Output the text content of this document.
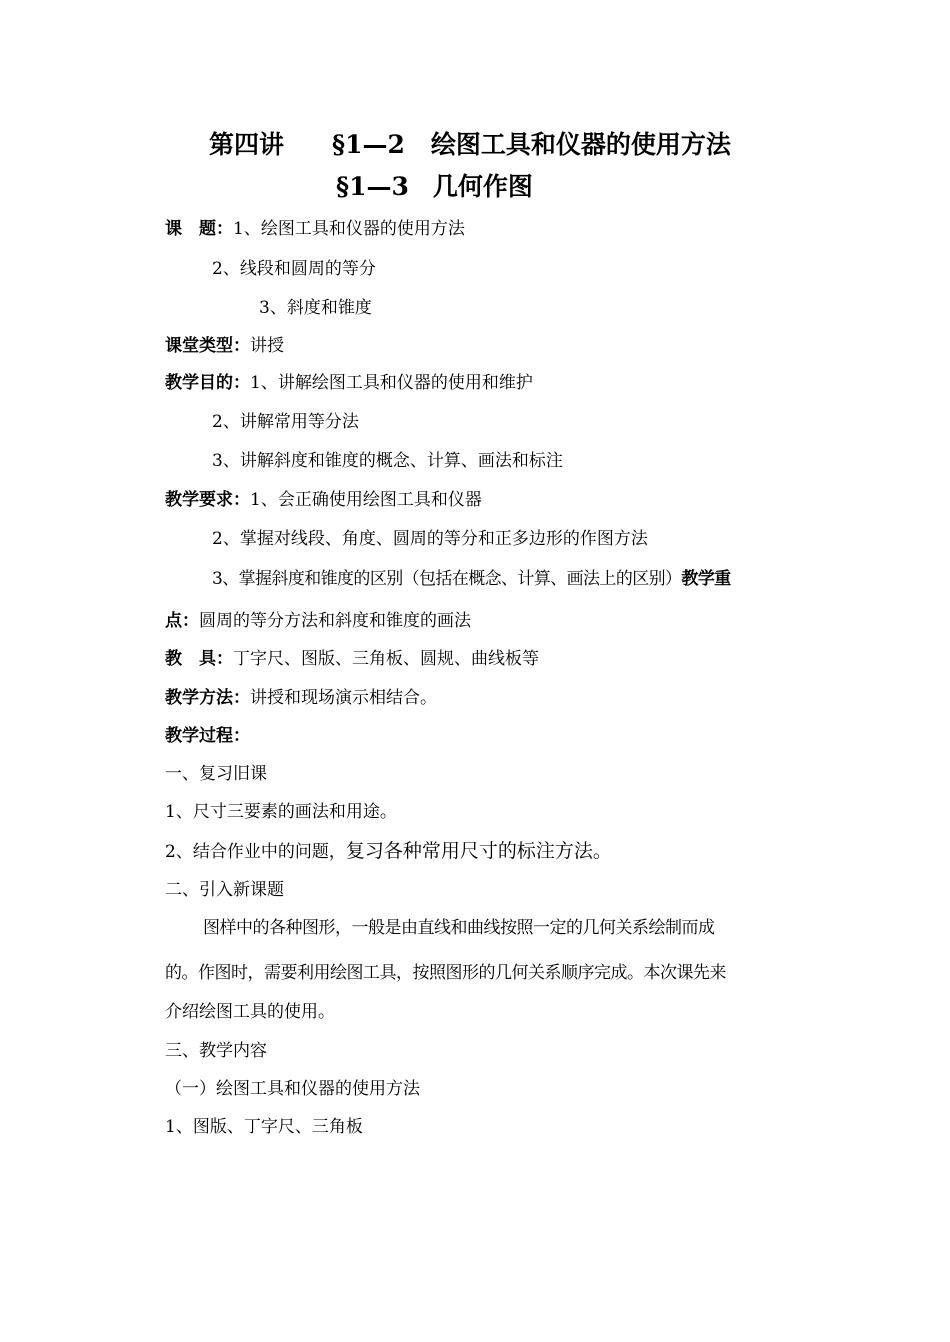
第四讲 §1—2 绘图工具和仪器的使用方法
§1—3 几何作图
课　题：1、绘图工具和仪器的使用方法
2、线段和圆周的等分
3、斜度和锥度
课堂类型：讲授
教学目的：1、讲解绘图工具和仪器的使用和维护
2、讲解常用等分法
3、讲解斜度和锥度的概念、计算、画法和标注
教学要求：1、会正确使用绘图工具和仪器
2、掌握对线段、角度、圆周的等分和正多边形的作图方法
3、掌握斜度和锥度的区别（包括在概念、计算、画法上的区别）教学重
点：圆周的等分方法和斜度和锥度的画法
教　具：丁字尺、图版、三角板、圆规、曲线板等
教学方法：讲授和现场演示相结合。
教学过程：
一、复习旧课
1、尺寸三要素的画法和用途。
2、结合作业中的问题，复习各种常用尺寸的标注方法。
二、引入新课题
图样中的各种图形，一般是由直线和曲线按照一定的几何关系绘制而成
的。作图时，需要利用绘图工具，按照图形的几何关系顺序完成。本次课先来
介绍绘图工具的使用。
三、教学内容
（一）绘图工具和仪器的使用方法
1、图版、丁字尺、三角板
